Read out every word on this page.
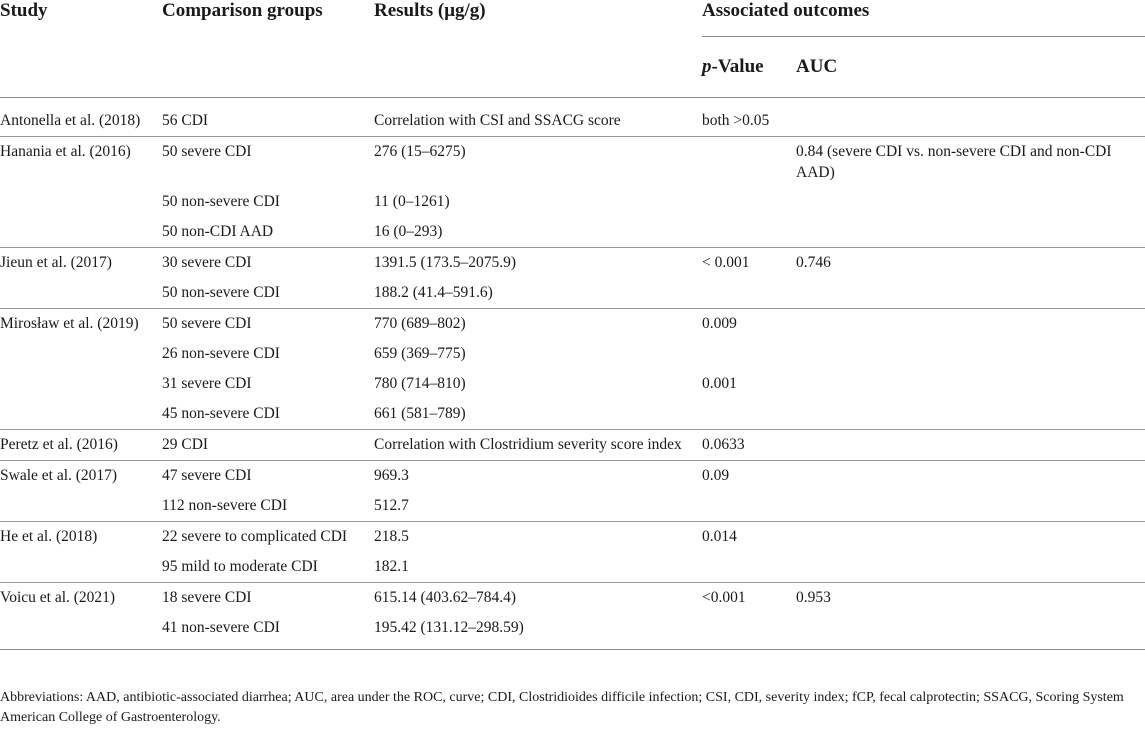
Study	Comparison groups	Results (μg/g)	Associated outcomes	
			p-Value	AUC
Antonella et al. (2018)	56 CDI	Correlation with CSI and SSACG score	both >0.05	
Hanania et al. (2016)	50 severe CDI	276 (15–6275)		0.84 (severe CDI vs. non-severe CDI and non-CDI AAD)
	50 non-severe CDI	11 (0–1261)		
	50 non-CDI AAD	16 (0–293)		
Jieun et al. (2017)	30 severe CDI	1391.5 (173.5–2075.9)	< 0.001	0.746
	50 non-severe CDI	188.2 (41.4–591.6)		
Mirosław et al. (2019)	50 severe CDI	770 (689–802)	0.009	
	26 non-severe CDI	659 (369–775)		
	31 severe CDI	780 (714–810)	0.001	
	45 non-severe CDI	661 (581–789)		
Peretz et al. (2016)	29 CDI	Correlation with Clostridium severity score index	0.0633	
Swale et al. (2017)	47 severe CDI	969.3	0.09	
	112 non-severe CDI	512.7		
He et al. (2018)	22 severe to complicated CDI	218.5	0.014	
	95 mild to moderate CDI	182.1		
Voicu et al. (2021)	18 severe CDI	615.14 (403.62–784.4)	<0.001	0.953
	41 non-severe CDI	195.42 (131.12–298.59)		
Abbreviations: AAD, antibiotic-associated diarrhea; AUC, area under the ROC, curve; CDI, Clostridioides difficile infection; CSI, CDI, severity index; fCP, fecal calprotectin; SSACG, Scoring System American College of Gastroenterology.
